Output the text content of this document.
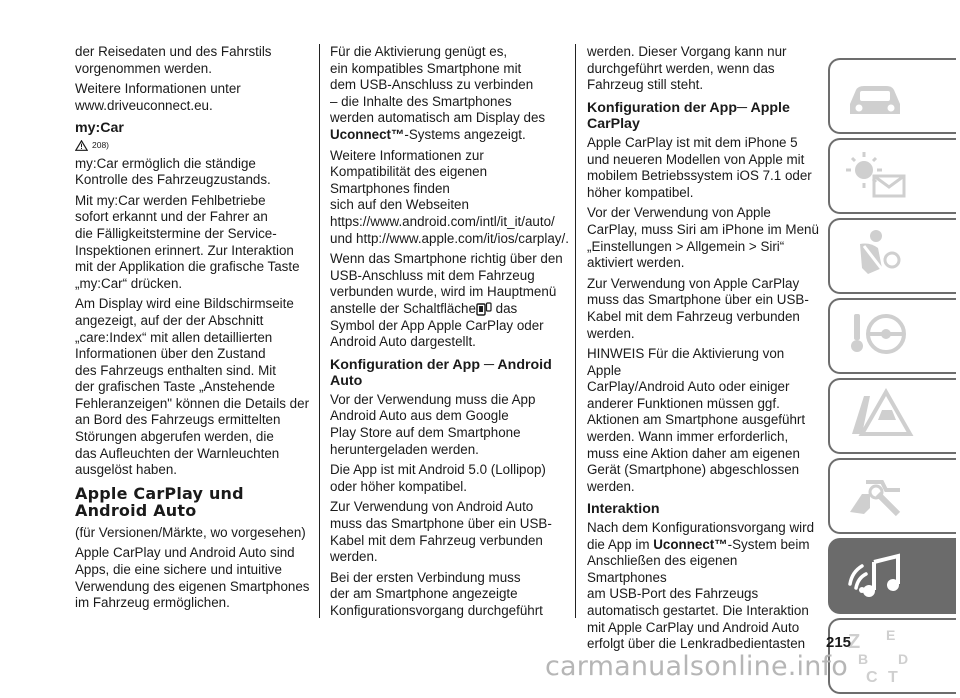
der Reisedaten und des Fahrstils
vorgenommen werden.

Weitere Informationen unter
www.driveuconnect.eu.

my:Car
208)

my:Car ermöglich die ständige
Kontrolle des Fahrzeugzustands.

Mit my:Car werden Fehlbetriebe
sofort erkannt und der Fahrer an
die Fälligkeitstermine der Service-
Inspektionen erinnert. Zur Interaktion
mit der Applikation die grafische Taste
„my:Car“ drücken.

Am Display wird eine Bildschirmseite
angezeigt, auf der der Abschnitt
„care:Index“ mit allen detaillierten
Informationen über den Zustand
des Fahrzeugs enthalten sind. Mit
der grafischen Taste „Anstehende
Fehleranzeigen" können die Details der
an Bord des Fahrzeugs ermittelten
Störungen abgerufen werden, die
das Aufleuchten der Warnleuchten
ausgelöst haben.

Apple CarPlay und
Android Auto

(für Versionen/Märkte, wo vorgesehen)

Apple CarPlay und Android Auto sind
Apps, die eine sichere und intuitive
Verwendung des eigenen Smartphones
im Fahrzeug ermöglichen.

Für die Aktivierung genügt es,
ein kompatibles Smartphone mit
dem USB-Anschluss zu verbinden
– die Inhalte des Smartphones
werden automatisch am Display des
Uconnect™-Systems angezeigt.

Weitere Informationen zur
Kompatibilität des eigenen
Smartphones finden
sich auf den Webseiten
https://www.android.com/intl/it_it/auto/
und http://www.apple.com/it/ios/carplay/.

Wenn das Smartphone richtig über den
USB-Anschluss mit dem Fahrzeug
verbunden wurde, wird im Hauptmenü
anstelle der Schaltfläche das
Symbol der App Apple CarPlay oder
Android Auto dargestellt.

Konfiguration der App ─ Android
Auto

Vor der Verwendung muss die App
Android Auto aus dem Google
Play Store auf dem Smartphone
heruntergeladen werden.

Die App ist mit Android 5.0 (Lollipop)
oder höher kompatibel.

Zur Verwendung von Android Auto
muss das Smartphone über ein USB-
Kabel mit dem Fahrzeug verbunden
werden.

Bei der ersten Verbindung muss
der am Smartphone angezeigte
Konfigurationsvorgang durchgeführt

werden. Dieser Vorgang kann nur
durchgeführt werden, wenn das
Fahrzeug still steht.

Konfiguration der App─ Apple
CarPlay

Apple CarPlay ist mit dem iPhone 5
und neueren Modellen von Apple mit
mobilem Betriebssystem iOS 7.1 oder
höher kompatibel.

Vor der Verwendung von Apple
CarPlay, muss Siri am iPhone im Menü
„Einstellungen > Allgemein > Siri“
aktiviert werden.

Zur Verwendung von Apple CarPlay
muss das Smartphone über ein USB-
Kabel mit dem Fahrzeug verbunden
werden.

HINWEIS Für die Aktivierung von Apple
CarPlay/Android Auto oder einiger
anderer Funktionen müssen ggf.
Aktionen am Smartphone ausgeführt
werden. Wann immer erforderlich,
muss eine Aktion daher am eigenen
Gerät (Smartphone) abgeschlossen
werden.

Interaktion

Nach dem Konfigurationsvorgang wird
die App im Uconnect™-System beim
Anschließen des eigenen Smartphones
am USB-Port des Fahrzeugs
automatisch gestartet. Die Interaktion
mit Apple CarPlay und Android Auto
erfolgt über die Lenkradbedientasten	Z E
B
C T
D
215
carmanualsonline.info
